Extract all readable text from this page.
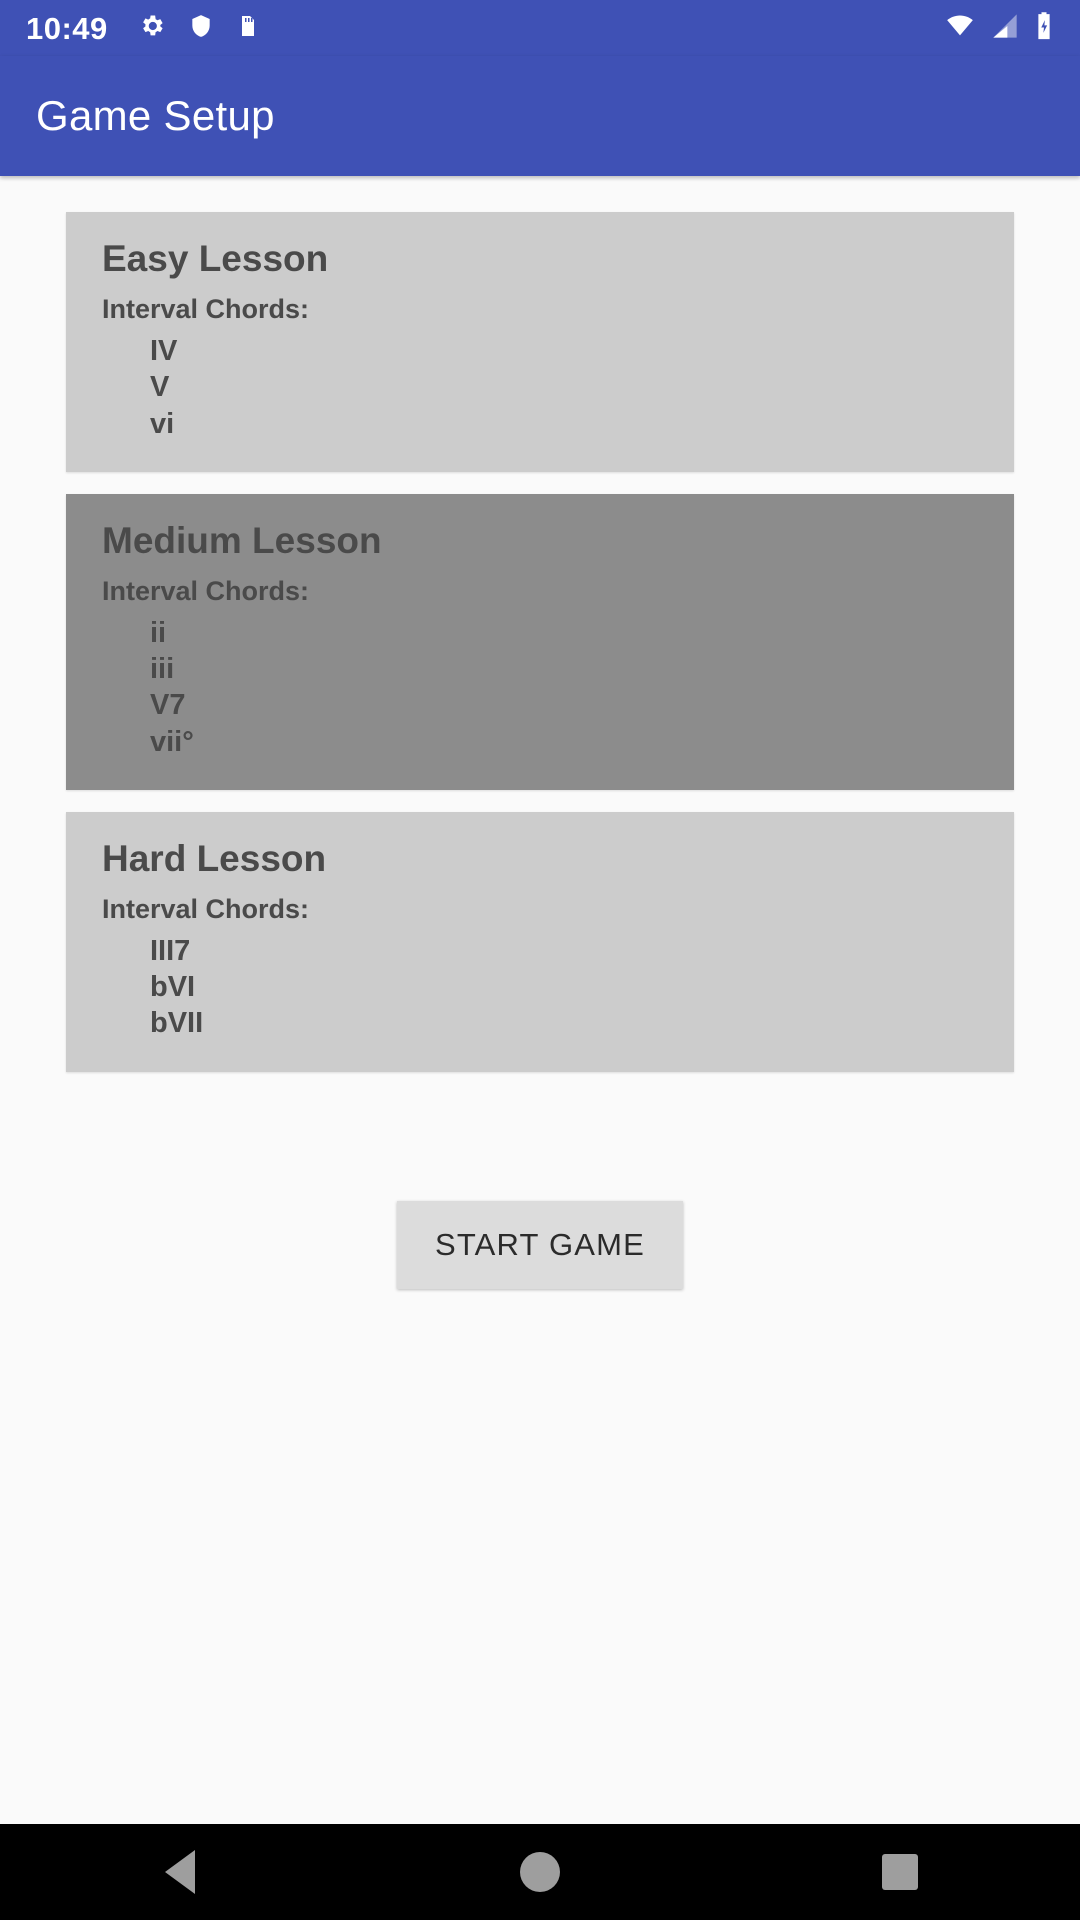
10:49
Game Setup
Easy Lesson
Interval Chords:
IV
V
vi
Medium Lesson
Interval Chords:
ii
iii
V7
vii°
Hard Lesson
Interval Chords:
III7
bVI
bVII
START GAME
